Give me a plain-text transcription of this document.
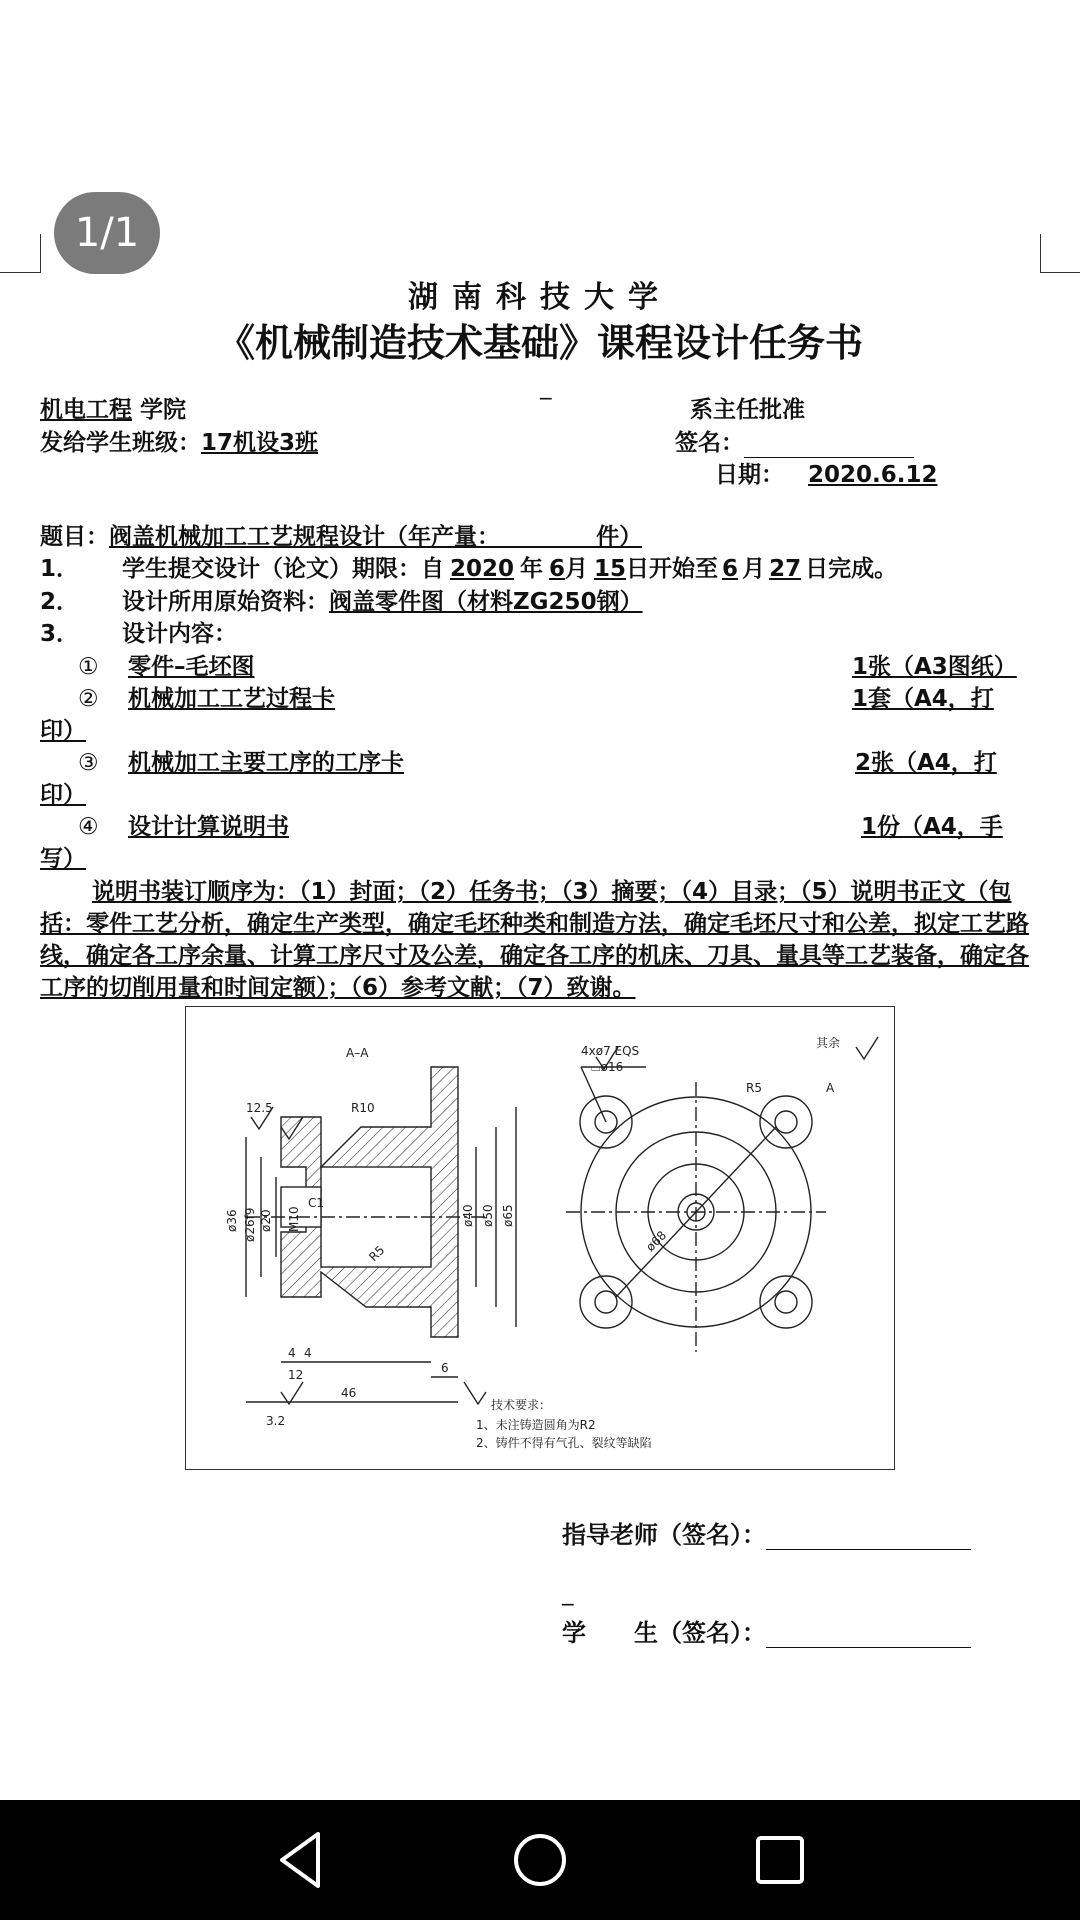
1/1
湖南科技大学
《机械制造技术基础》课程设计任务书
_
机电工程 学院	系主任批准
发给学生班级：17机设3班	签名：
日期： 2020.6.12
题目：阀盖机械加工工艺规程设计（年产量：            件）
1． 学生提交设计（论文）期限：自 2020 年 6月 15日开始至 6 月 27 日完成。
2． 设计所用原始资料：阀盖零件图（材料ZG250钢）
3． 设计内容：
① 零件–毛坯图	1张（A3图纸）
② 机械加工工艺过程卡	1套（A4，打
印）
③ 机械加工主要工序的工序卡	2张（A4，打
印）
④ 设计计算说明书	1份（A4，手
写）
说明书装订顺序为：（1）封面；（2）任务书；（3）摘要；（4）目录；（5）说明书正文（包括：零件工艺分析，确定生产类型，确定毛坯种类和制造方法，确定毛坯尺寸和公差，拟定工艺路线，确定各工序余量、计算工序尺寸及公差，确定各工序的机床、刀具、量具等工艺装备，确定各工序的切削用量和时间定额）；（6）参考文献；（7）致谢。
A–A	4xø7 EQS
⌴ø16
R10
R5	A
12.5
3.2
其余
ø36 ø26f9 ø20 M10
C1
ø40 ø50 ø65
ø68
4 4
12	6
46
R5
技术要求：
1、未注铸造圆角为R2
2、铸件不得有气孔、裂纹等缺陷
指导老师（签名）：
_
学　　生（签名）：
